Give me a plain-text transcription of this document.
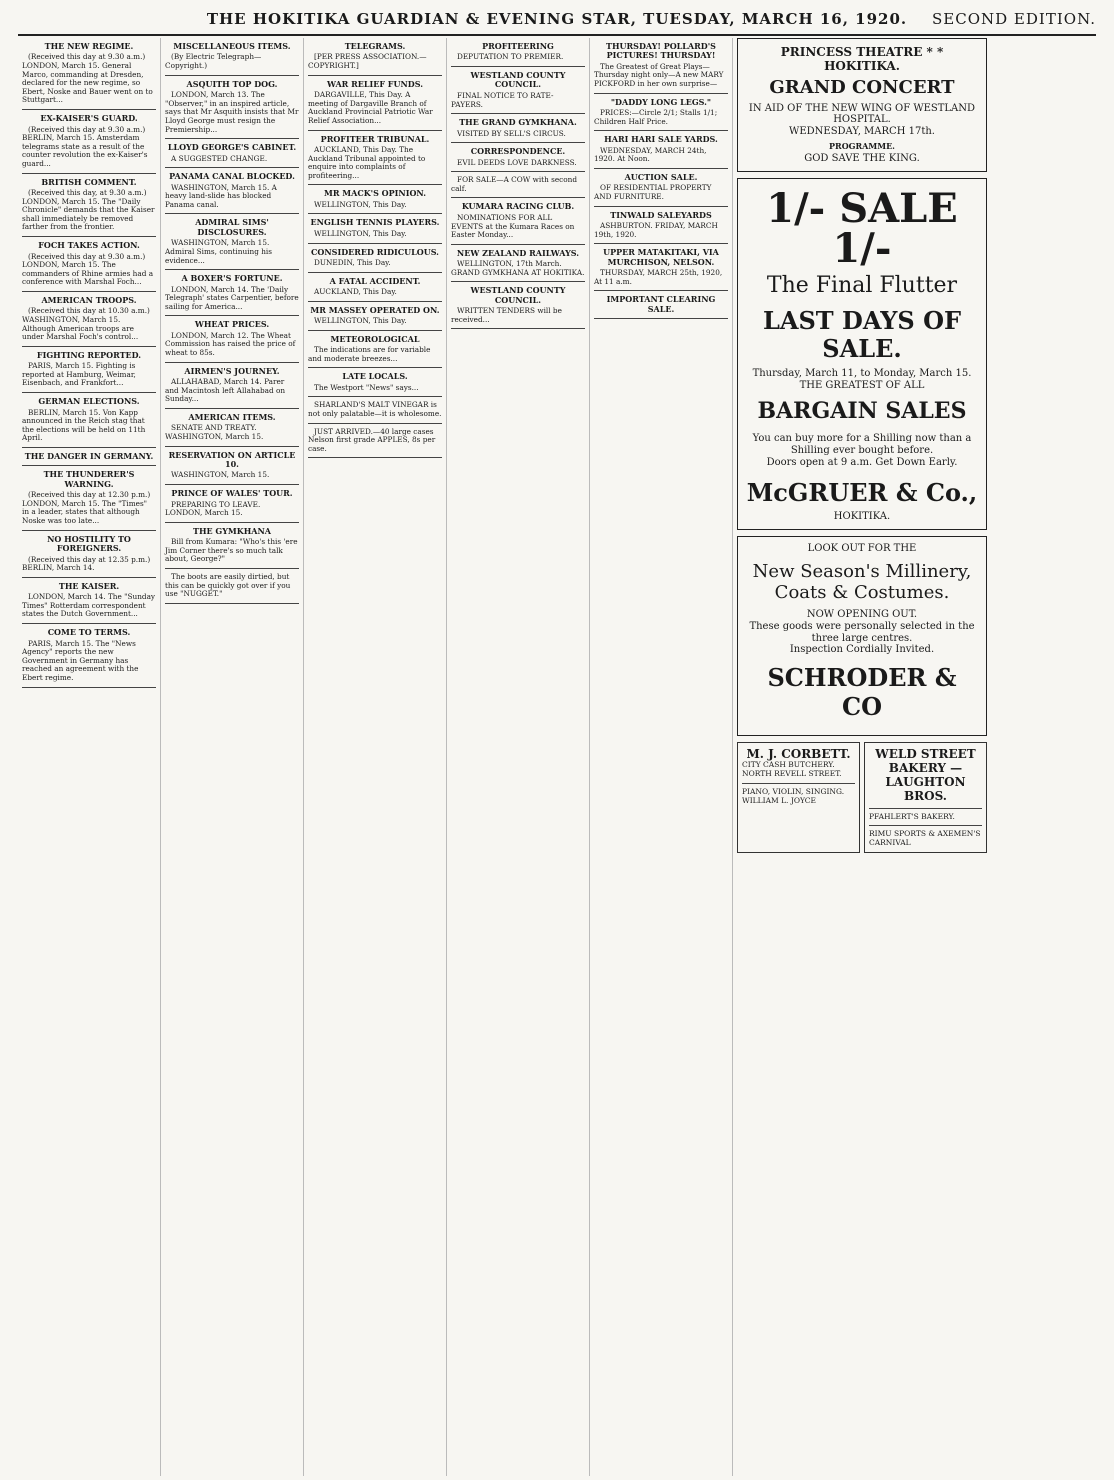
THE HOKITIKA GUARDIAN & EVENING STAR, TUESDAY, MARCH 16, 1920. SECOND EDITION.
THE NEW REGIME.

(Received this day at 9.30 a.m.) LONDON, March 15. General Marco, commanding at Dresden, declared for the new regime, so Ebert, Noske and Bauer went on to Stuttgart...

EX-KAISER'S GUARD.

(Received this day at 9.30 a.m.) BERLIN, March 15. Amsterdam telegrams state as a result of the counter revolution the ex-Kaiser's guard...

BRITISH COMMENT.

(Received this day, at 9.30 a.m.) LONDON, March 15. The "Daily Chronicle" demands that the Kaiser shall immediately be removed farther from the frontier.

FOCH TAKES ACTION.

(Received this day at 9.30 a.m.) LONDON, March 15. The commanders of Rhine armies had a conference with Marshal Foch...

AMERICAN TROOPS.

(Received this day at 10.30 a.m.) WASHINGTON, March 15. Although American troops are under Marshal Foch's control...

FIGHTING REPORTED.

PARIS, March 15. Fighting is reported at Hamburg, Weimar, Eisenbach, and Frankfort...

GERMAN ELECTIONS.

BERLIN, March 15. Von Kapp announced in the Reich stag that the elections will be held on 11th April.

THE DANGER IN GERMANY.
THE THUNDERER'S WARNING.

(Received this day at 12.30 p.m.) LONDON, March 15. The "Times" in a leader, states that although Noske was too late...

NO HOSTILITY TO FOREIGNERS.

(Received this day at 12.35 p.m.) BERLIN, March 14.

THE KAISER.

LONDON, March 14. The "Sunday Times" Rotterdam correspondent states the Dutch Government...

COME TO TERMS.

PARIS, March 15. The "News Agency" reports the new Government in Germany has reached an agreement with the Ebert regime.

MISCELLANEOUS ITEMS.

(By Electric Telegraph—Copyright.)

ASQUITH TOP DOG.

LONDON, March 13. The "Observer," in an inspired article, says that Mr Asquith insists that Mr Lloyd George must resign the Premiership...

LLOYD GEORGE'S CABINET.

A SUGGESTED CHANGE.

PANAMA CANAL BLOCKED.

WASHINGTON, March 15. A heavy land-slide has blocked Panama canal.

ADMIRAL SIMS' DISCLOSURES.

WASHINGTON, March 15. Admiral Sims, continuing his evidence...

A BOXER'S FORTUNE.

LONDON, March 14. The 'Daily Telegraph' states Carpentier, before sailing for America...

WHEAT PRICES.

LONDON, March 12. The Wheat Commission has raised the price of wheat to 85s.

AIRMEN'S JOURNEY.

ALLAHABAD, March 14. Parer and Macintosh left Allahabad on Sunday...

AMERICAN ITEMS.

SENATE AND TREATY. WASHINGTON, March 15.

RESERVATION ON ARTICLE 10.

WASHINGTON, March 15.

PRINCE OF WALES' TOUR.

PREPARING TO LEAVE. LONDON, March 15.

THE GYMKHANA

Bill from Kumara: "Who's this 'ere Jim Corner there's so much talk about, George?"

The boots are easily dirtied, but this can be quickly got over if you use "NUGGET."

TELEGRAMS.

[PER PRESS ASSOCIATION.—COPYRIGHT.]

WAR RELIEF FUNDS.

DARGAVILLE, This Day. A meeting of Dargaville Branch of Auckland Provincial Patriotic War Relief Association...

PROFITEER TRIBUNAL.

AUCKLAND, This Day. The Auckland Tribunal appointed to enquire into complaints of profiteering...

MR MACK'S OPINION.

WELLINGTON, This Day.

ENGLISH TENNIS PLAYERS.

WELLINGTON, This Day.

CONSIDERED RIDICULOUS.

DUNEDIN, This Day.

A FATAL ACCIDENT.

AUCKLAND, This Day.

MR MASSEY OPERATED ON.

WELLINGTON, This Day.

METEOROLOGICAL

The indications are for variable and moderate breezes...

LATE LOCALS.

The Westport "News" says...

SHARLAND'S MALT VINEGAR is not only palatable—it is wholesome.

JUST ARRIVED.—40 large cases Nelson first grade APPLES, 8s per case.

PROFITEERING

DEPUTATION TO PREMIER.

WESTLAND COUNTY COUNCIL.

FINAL NOTICE TO RATE-PAYERS.

THE GRAND GYMKHANA.

VISITED BY SELL'S CIRCUS.

CORRESPONDENCE.

EVIL DEEDS LOVE DARKNESS.

FOR SALE—A COW with second calf.

KUMARA RACING CLUB.

NOMINATIONS FOR ALL EVENTS at the Kumara Races on Easter Monday...

NEW ZEALAND RAILWAYS.

WELLINGTON, 17th March. GRAND GYMKHANA AT HOKITIKA.

WESTLAND COUNTY COUNCIL.

WRITTEN TENDERS will be received...

THURSDAY! POLLARD'S PICTURES! THURSDAY!

The Greatest of Great Plays—Thursday night only—A new MARY PICKFORD in her own surprise—

"DADDY LONG LEGS."

PRICES:—Circle 2/1; Stalls 1/1; Children Half Price.

HARI HARI SALE YARDS.

WEDNESDAY, MARCH 24th, 1920. At Noon.

AUCTION SALE.

OF RESIDENTIAL PROPERTY AND FURNITURE.

TINWALD SALEYARDS

ASHBURTON. FRIDAY, MARCH 19th, 1920.

UPPER MATAKITAKI, VIA MURCHISON, NELSON.

THURSDAY, MARCH 25th, 1920, At 11 a.m.

IMPORTANT CLEARING SALE.
PRINCESS THEATRE * * HOKITIKA.
GRAND CONCERT
IN AID OF THE NEW WING OF WESTLAND HOSPITAL.
WEDNESDAY, MARCH 17th.
PROGRAMME.
GOD SAVE THE KING.
1/- SALE 1/-
The Final Flutter
LAST DAYS OF SALE.
Thursday, March 11, to Monday, March 15.
THE GREATEST OF ALL
BARGAIN SALES
You can buy more for a Shilling now than a Shilling ever bought before.
Doors open at 9 a.m. Get Down Early.
McGRUER & Co.,
HOKITIKA.
LOOK OUT FOR THE
New Season's Millinery, Coats & Costumes.
NOW OPENING OUT.
These goods were personally selected in the three large centres.
Inspection Cordially Invited.
SCHRODER & CO
M. J. CORBETT.
CITY CASH BUTCHERY. NORTH REVELL STREET.
PIANO, VIOLIN, SINGING. WILLIAM L. JOYCE
WELD STREET BAKERY — LAUGHTON BROS.
PFAHLERT'S BAKERY.
RIMU SPORTS & AXEMEN'S CARNIVAL
